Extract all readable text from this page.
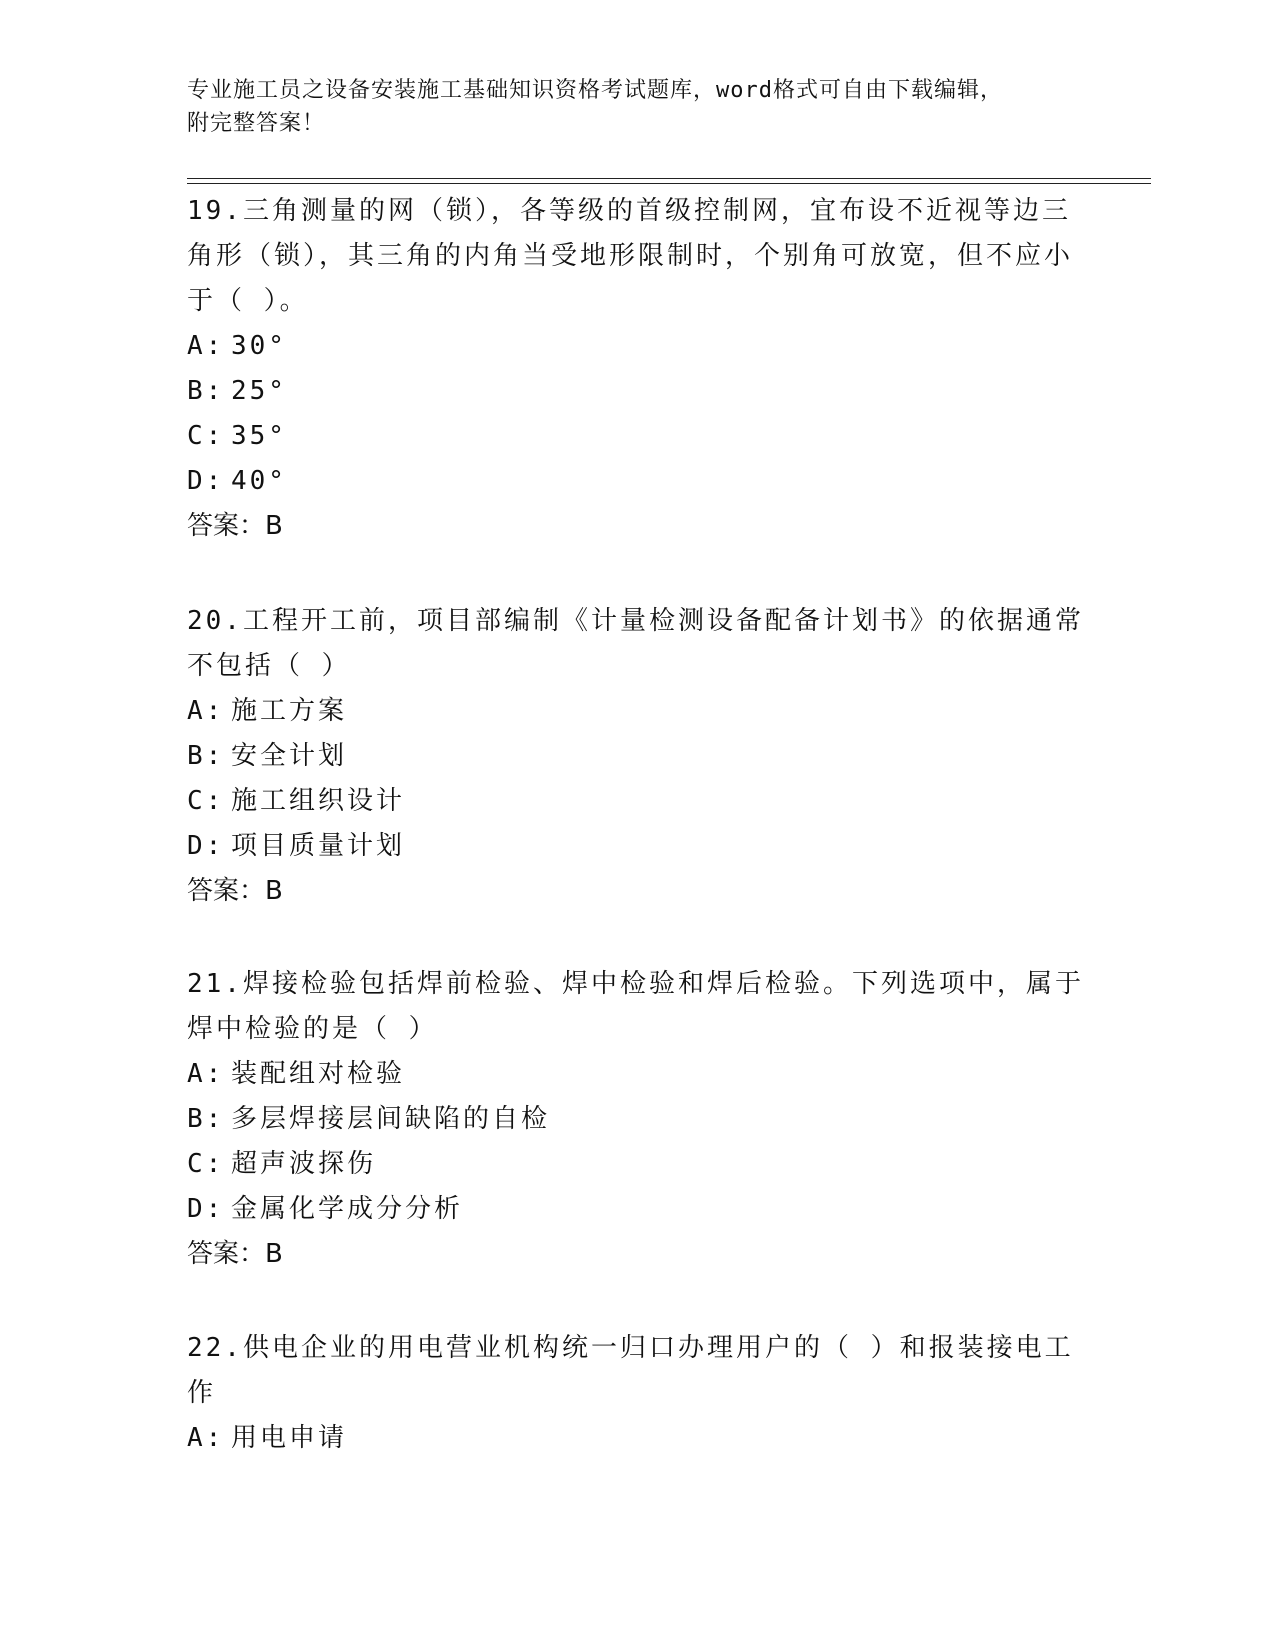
专业施工员之设备安装施工基础知识资格考试题库，word格式可自由下载编辑，
附完整答案！

19.三角测量的网（锁），各等级的首级控制网，宜布设不近视等边三角形（锁），其三角的内角当受地形限制时，个别角可放宽，但不应小于（ ）。

A: 30°

B: 25°

C: 35°

D: 40°

答案：B

20.工程开工前，项目部编制《计量检测设备配备计划书》的依据通常不包括（ ）

A: 施工方案

B: 安全计划

C: 施工组织设计

D: 项目质量计划

答案：B

21.焊接检验包括焊前检验、焊中检验和焊后检验。下列选项中，属于焊中检验的是（ ）

A: 装配组对检验

B: 多层焊接层间缺陷的自检

C: 超声波探伤

D: 金属化学成分分析

答案：B

22.供电企业的用电营业机构统一归口办理用户的（ ）和报装接电工作

A: 用电申请
